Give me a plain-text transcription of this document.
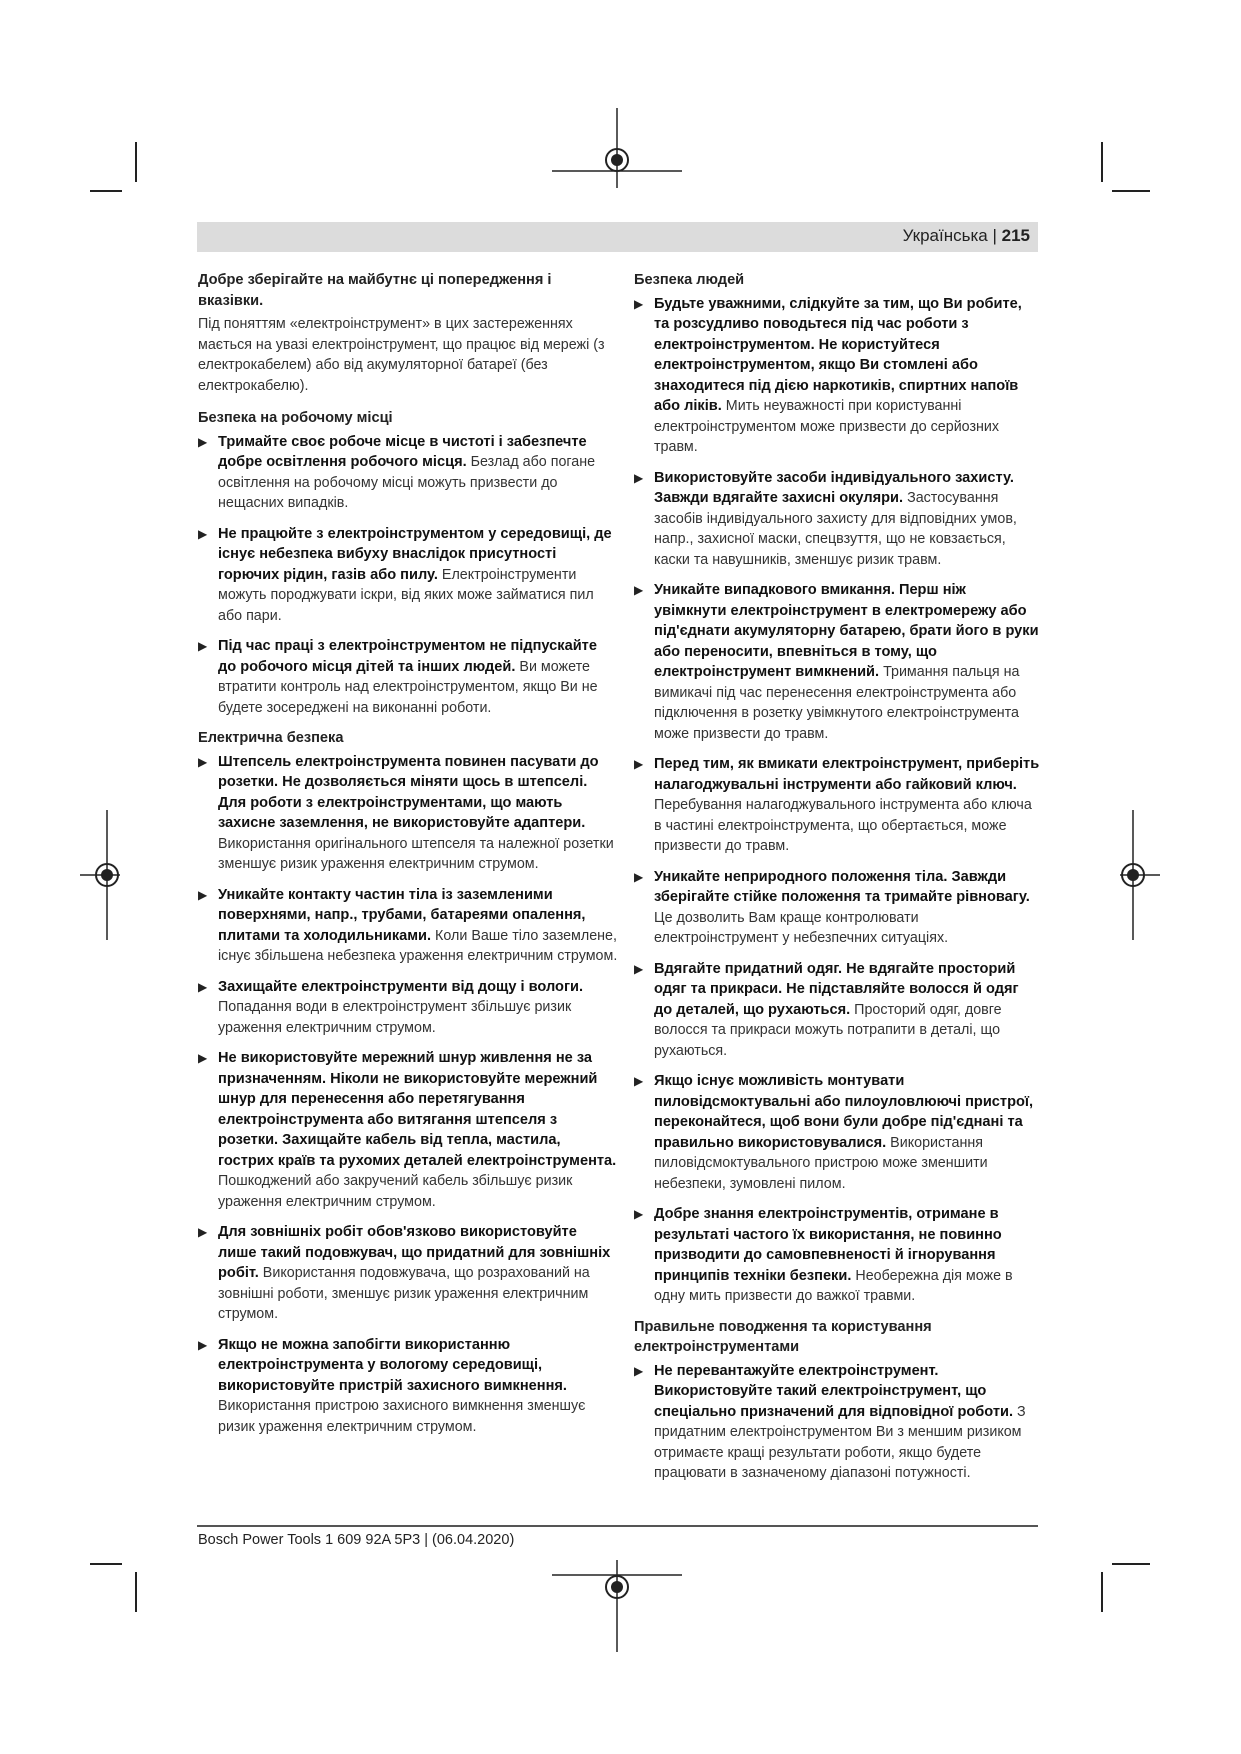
Українська | 215
Добре зберігайте на майбутнє ці попередження і вказівки.
Під поняттям «електроінструмент» в цих застереженнях мається на увазі електроінструмент, що працює від мережі (з електрокабелем) або від акумуляторної батареї (без електрокабелю).
Безпека на робочому місці
▶ Тримайте своє робоче місце в чистоті і забезпечте добре освітлення робочого місця. Безлад або погане освітлення на робочому місці можуть призвести до нещасних випадків.
▶ Не працюйте з електроінструментом у середовищі, де існує небезпека вибуху внаслідок присутності горючих рідин, газів або пилу. Електроінструменти можуть породжувати іскри, від яких може займатися пил або пари.
▶ Під час праці з електроінструментом не підпускайте до робочого місця дітей та інших людей. Ви можете втратити контроль над електроінструментом, якщо Ви не будете зосереджені на виконанні роботи.
Електрична безпека
▶ Штепсель електроінструмента повинен пасувати до розетки. Не дозволяється міняти щось в штепселі. Для роботи з електроінструментами, що мають захисне заземлення, не використовуйте адаптери. Використання оригінального штепселя та належної розетки зменшує ризик ураження електричним струмом.
▶ Уникайте контакту частин тіла із заземленими поверхнями, напр., трубами, батареями опалення, плитами та холодильниками. Коли Ваше тіло заземлене, існує збільшена небезпека ураження електричним струмом.
▶ Захищайте електроінструменти від дощу і вологи. Попадання води в електроінструмент збільшує ризик ураження електричним струмом.
▶ Не використовуйте мережний шнур живлення не за призначенням. Ніколи не використовуйте мережний шнур для перенесення або перетягування електроінструмента або витягання штепселя з розетки. Захищайте кабель від тепла, мастила, гострих країв та рухомих деталей електроінструмента. Пошкоджений або закручений кабель збільшує ризик ураження електричним струмом.
▶ Для зовнішніх робіт обов'язково використовуйте лише такий подовжувач, що придатний для зовнішніх робіт. Використання подовжувача, що розрахований на зовнішні роботи, зменшує ризик ураження електричним струмом.
▶ Якщо не можна запобігти використанню електроінструмента у вологому середовищі, використовуйте пристрій захисного вимкнення. Використання пристрою захисного вимкнення зменшує ризик ураження електричним струмом.
Безпека людей
▶ Будьте уважними, слідкуйте за тим, що Ви робите, та розсудливо поводьтеся під час роботи з електроінструментом. Не користуйтеся електроінструментом, якщо Ви стомлені або знаходитеся під дією наркотиків, спиртних напоїв або ліків. Мить неуважності при користуванні електроінструментом може призвести до серйозних травм.
▶ Використовуйте засоби індивідуального захисту. Завжди вдягайте захисні окуляри. Застосування засобів індивідуального захисту для відповідних умов, напр., захисної маски, спецвзуття, що не ковзається, каски та навушників, зменшує ризик травм.
▶ Уникайте випадкового вмикання. Перш ніж увімкнути електроінструмент в електромережу або під'єднати акумуляторну батарею, брати його в руки або переносити, впевніться в тому, що електроінструмент вимкнений. Тримання пальця на вимикачі під час перенесення електроінструмента або підключення в розетку увімкнутого електроінструмента може призвести до травм.
▶ Перед тим, як вмикати електроінструмент, приберіть налагоджувальні інструменти або гайковий ключ. Перебування налагоджувального інструмента або ключа в частині електроінструмента, що обертається, може призвести до травм.
▶ Уникайте неприродного положення тіла. Завжди зберігайте стійке положення та тримайте рівновагу. Це дозволить Вам краще контролювати електроінструмент у небезпечних ситуаціях.
▶ Вдягайте придатний одяг. Не вдягайте просторий одяг та прикраси. Не підставляйте волосся й одяг до деталей, що рухаються. Просторий одяг, довге волосся та прикраси можуть потрапити в деталі, що рухаються.
▶ Якщо існує можливість монтувати пиловідсмоктувальні або пилоуловлюючі пристрої, переконайтеся, щоб вони були добре під'єднані та правильно використовувалися. Використання пиловідсмоктувального пристрою може зменшити небезпеки, зумовлені пилом.
▶ Добре знання електроінструментів, отримане в результаті частого їх використання, не повинно призводити до самовпевненості й ігнорування принципів техніки безпеки. Необережна дія може в одну мить призвести до важкої травми.
Правильне поводження та користування електроінструментами
▶ Не перевантажуйте електроінструмент. Використовуйте такий електроінструмент, що спеціально призначений для відповідної роботи. З придатним електроінструментом Ви з меншим ризиком отримаєте кращі результати роботи, якщо будете працювати в зазначеному діапазоні потужності.
Bosch Power Tools 1 609 92A 5P3 | (06.04.2020)
